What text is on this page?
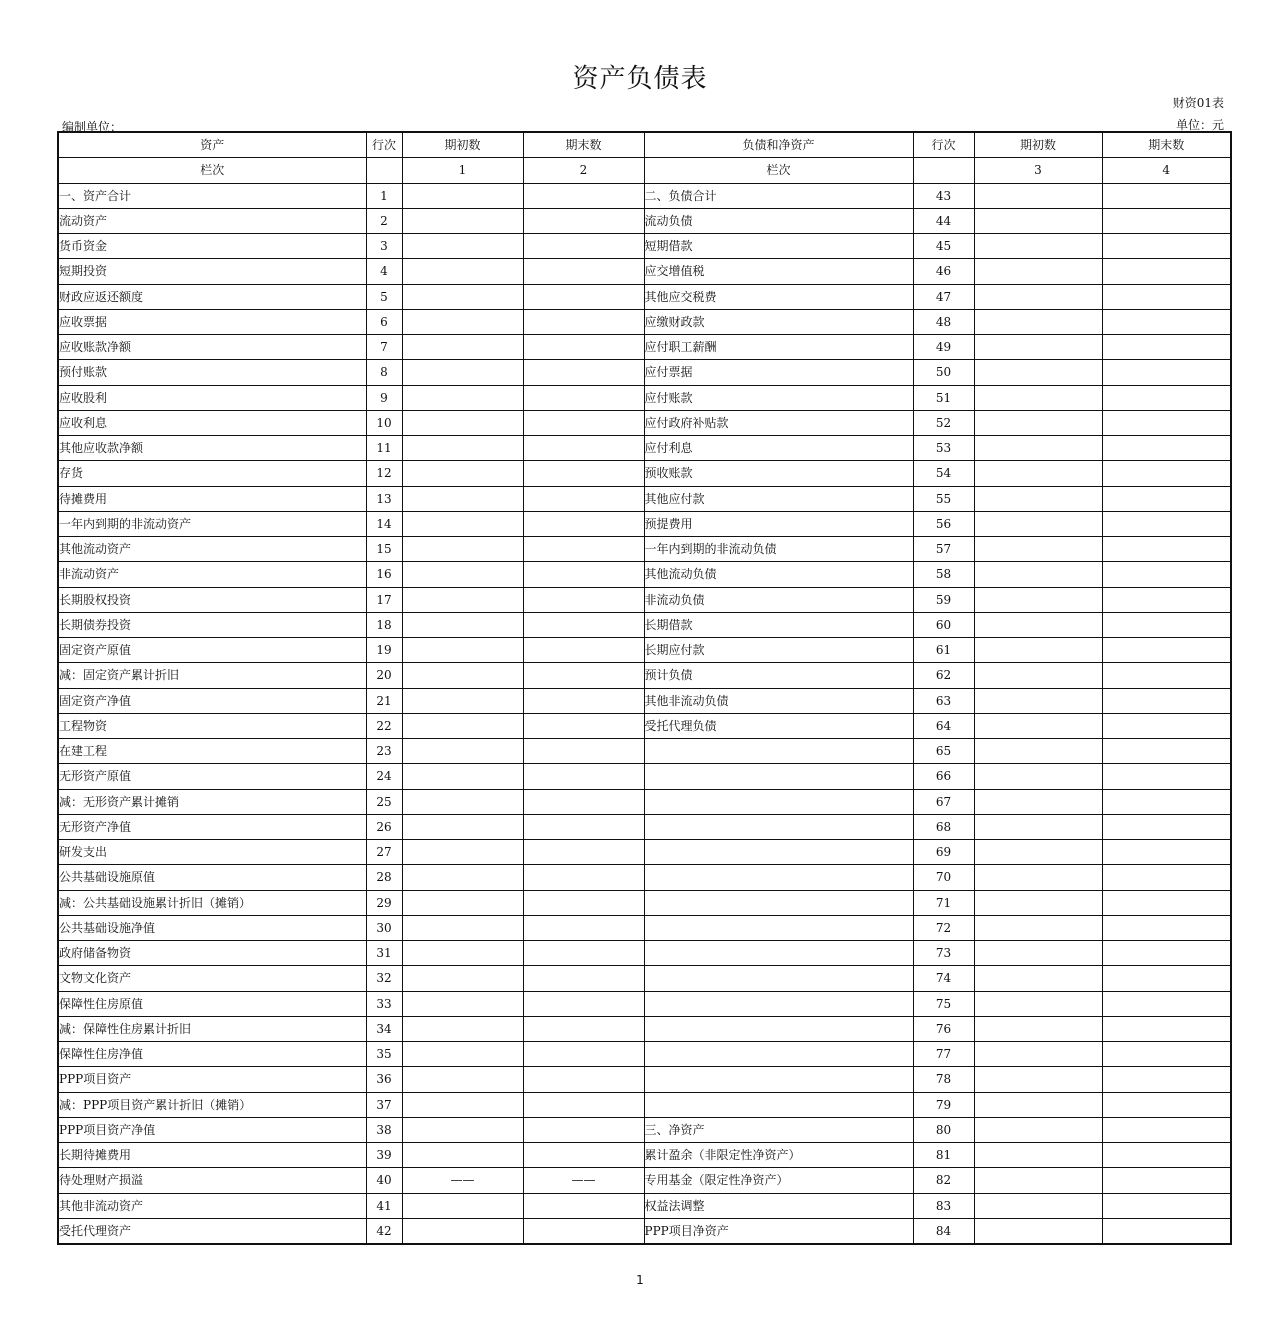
资产负债表
财资01表
单位：元
编制单位：
资产	行次	期初数	期末数	负债和净资产	行次	期初数	期末数
栏次		1	2	栏次		3	4
一、资产合计	1			二、负债合计	43		
流动资产	2			流动负债	44		
货币资金	3			短期借款	45		
短期投资	4			应交增值税	46		
财政应返还额度	5			其他应交税费	47		
应收票据	6			应缴财政款	48		
应收账款净额	7			应付职工薪酬	49		
预付账款	8			应付票据	50		
应收股利	9			应付账款	51		
应收利息	10			应付政府补贴款	52		
其他应收款净额	11			应付利息	53		
存货	12			预收账款	54		
待摊费用	13			其他应付款	55		
一年内到期的非流动资产	14			预提费用	56		
其他流动资产	15			一年内到期的非流动负债	57		
非流动资产	16			其他流动负债	58		
长期股权投资	17			非流动负债	59		
长期债券投资	18			长期借款	60		
固定资产原值	19			长期应付款	61		
减：固定资产累计折旧	20			预计负债	62		
固定资产净值	21			其他非流动负债	63		
工程物资	22			受托代理负债	64		
在建工程	23				65		
无形资产原值	24				66		
减：无形资产累计摊销	25				67		
无形资产净值	26				68		
研发支出	27				69		
公共基础设施原值	28				70		
减：公共基础设施累计折旧（摊销）	29				71		
公共基础设施净值	30				72		
政府储备物资	31				73		
文物文化资产	32				74		
保障性住房原值	33				75		
减：保障性住房累计折旧	34				76		
保障性住房净值	35				77		
PPP项目资产	36				78		
减：PPP项目资产累计折旧（摊销）	37				79		
PPP项目资产净值	38			三、净资产	80		
长期待摊费用	39			累计盈余（非限定性净资产）	81		
待处理财产损溢	40	——	——	专用基金（限定性净资产）	82		
其他非流动资产	41			权益法调整	83		
受托代理资产	42			PPP项目净资产	84		
1
